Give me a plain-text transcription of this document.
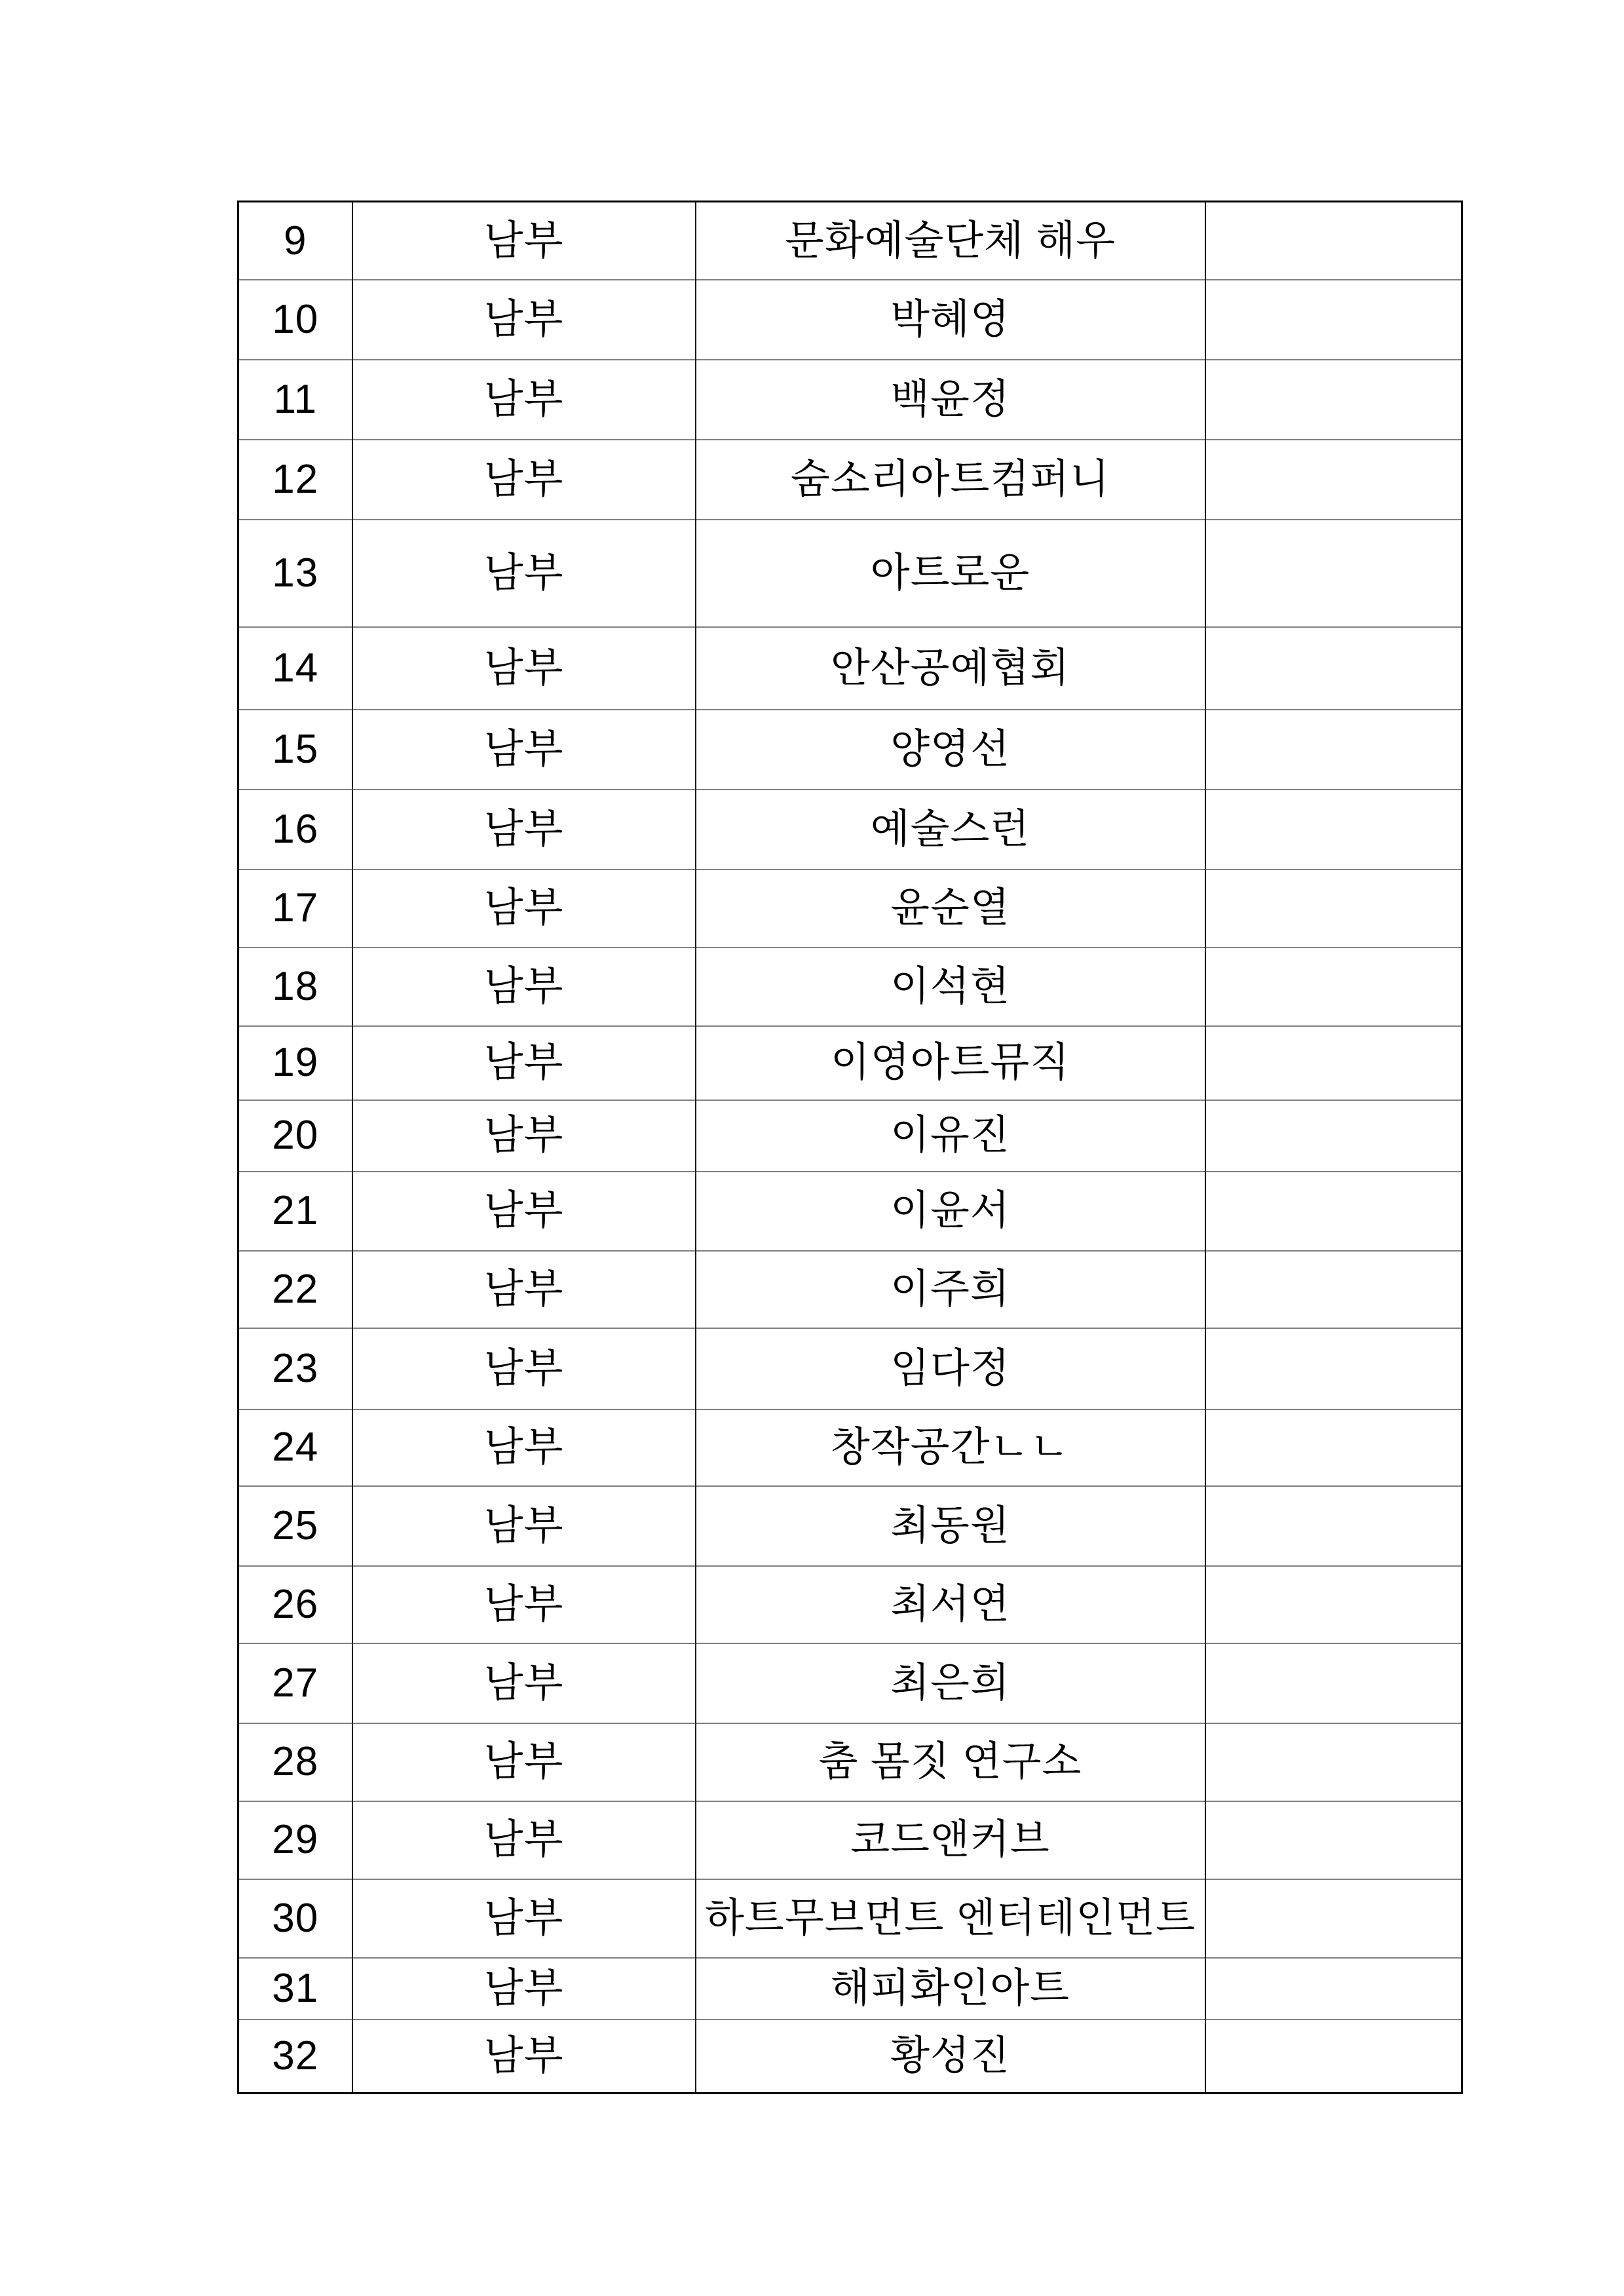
9	남부	문화예술단체 해우	
10	남부	박혜영	
11	남부	백윤정	
12	남부	숨소리아트컴퍼니	
13	남부	아트로운	
14	남부	안산공예협회	
15	남부	양영선	
16	남부	예술스런	
17	남부	윤순열	
18	남부	이석현	
19	남부	이영아트뮤직	
20	남부	이유진	
21	남부	이윤서	
22	남부	이주희	
23	남부	임다정	
24	남부	창작공간ㄴㄴ	
25	남부	최동원	
26	남부	최서연	
27	남부	최은희	
28	남부	춤 몸짓 연구소	
29	남부	코드앤커브	
30	남부	하트무브먼트 엔터테인먼트	
31	남부	해피화인아트	
32	남부	황성진	
